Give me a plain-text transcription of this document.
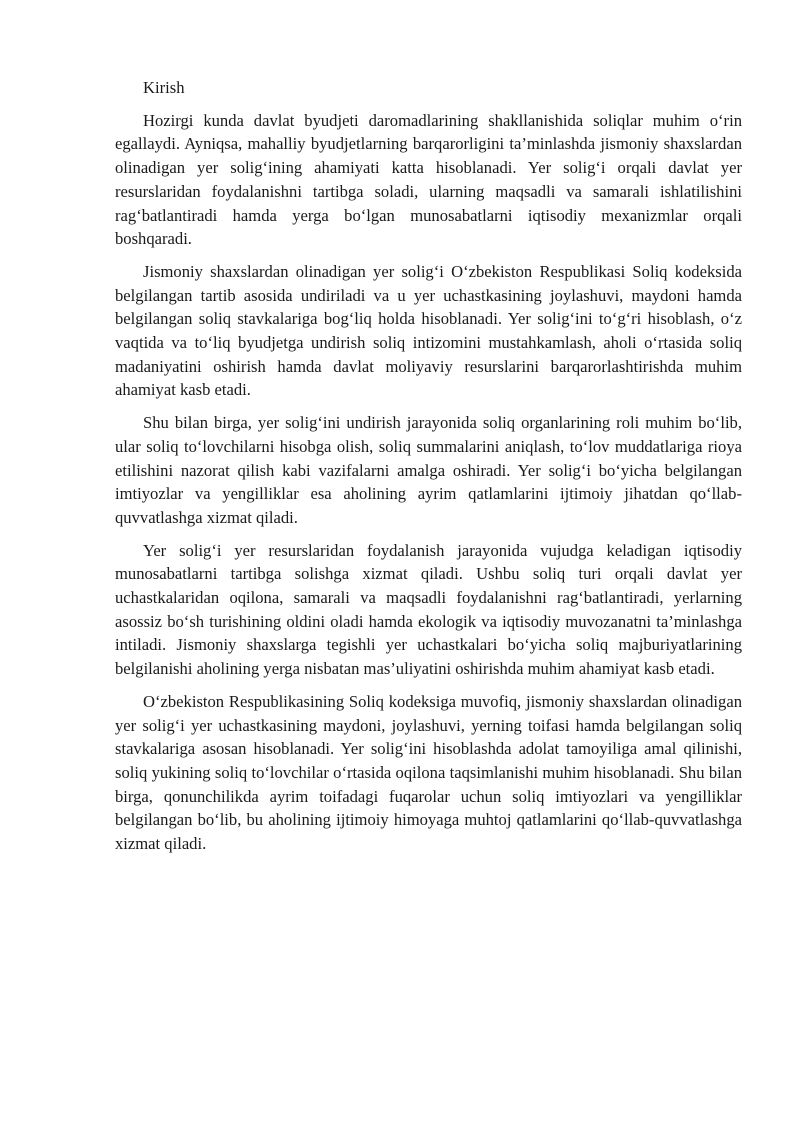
Kirish

Hozirgi kunda davlat byudjeti daromadlarining shakllanishida soliqlar muhim o‘rin egallaydi. Ayniqsa, mahalliy byudjetlarning barqarorligini ta’minlashda jismoniy shaxslardan olinadigan yer solig‘ining ahamiyati katta hisoblanadi. Yer solig‘i orqali davlat yer resurslaridan foydalanishni tartibga soladi, ularning maqsadli va samarali ishlatilishini rag‘batlantiradi hamda yerga bo‘lgan munosabatlarni iqtisodiy mexanizmlar orqali boshqaradi.

Jismoniy shaxslardan olinadigan yer solig‘i O‘zbekiston Respublikasi Soliq kodeksida belgilangan tartib asosida undiriladi va u yer uchastkasining joylashuvi, maydoni hamda belgilangan soliq stavkalariga bog‘liq holda hisoblanadi. Yer solig‘ini to‘g‘ri hisoblash, o‘z vaqtida va to‘liq byudjetga undirish soliq intizomini mustahkamlash, aholi o‘rtasida soliq madaniyatini oshirish hamda davlat moliyaviy resurslarini barqarorlashtirishda muhim ahamiyat kasb etadi.

Shu bilan birga, yer solig‘ini undirish jarayonida soliq organlarining roli muhim bo‘lib, ular soliq to‘lovchilarni hisobga olish, soliq summalarini aniqlash, to‘lov muddatlariga rioya etilishini nazorat qilish kabi vazifalarni amalga oshiradi. Yer solig‘i bo‘yicha belgilangan imtiyozlar va yengilliklar esa aholining ayrim qatlamlarini ijtimoiy jihatdan qo‘llab-quvvatlashga xizmat qiladi.

Yer solig‘i yer resurslaridan foydalanish jarayonida vujudga keladigan iqtisodiy munosabatlarni tartibga solishga xizmat qiladi. Ushbu soliq turi orqali davlat yer uchastkalaridan oqilona, samarali va maqsadli foydalanishni rag‘batlantiradi, yerlarning asossiz bo‘sh turishining oldini oladi hamda ekologik va iqtisodiy muvozanatni ta’minlashga intiladi. Jismoniy shaxslarga tegishli yer uchastkalari bo‘yicha soliq majburiyatlarining belgilanishi aholining yerga nisbatan mas’uliyatini oshirishda muhim ahamiyat kasb etadi.

O‘zbekiston Respublikasining Soliq kodeksiga muvofiq, jismoniy shaxslardan olinadigan yer solig‘i yer uchastkasining maydoni, joylashuvi, yerning toifasi hamda belgilangan soliq stavkalariga asosan hisoblanadi. Yer solig‘ini hisoblashda adolat tamoyiliga amal qilinishi, soliq yukining soliq to‘lovchilar o‘rtasida oqilona taqsimlanishi muhim hisoblanadi. Shu bilan birga, qonunchilikda ayrim toifadagi fuqarolar uchun soliq imtiyozlari va yengilliklar belgilangan bo‘lib, bu aholining ijtimoiy himoyaga muhtoj qatlamlarini qo‘llab-quvvatlashga xizmat qiladi.
